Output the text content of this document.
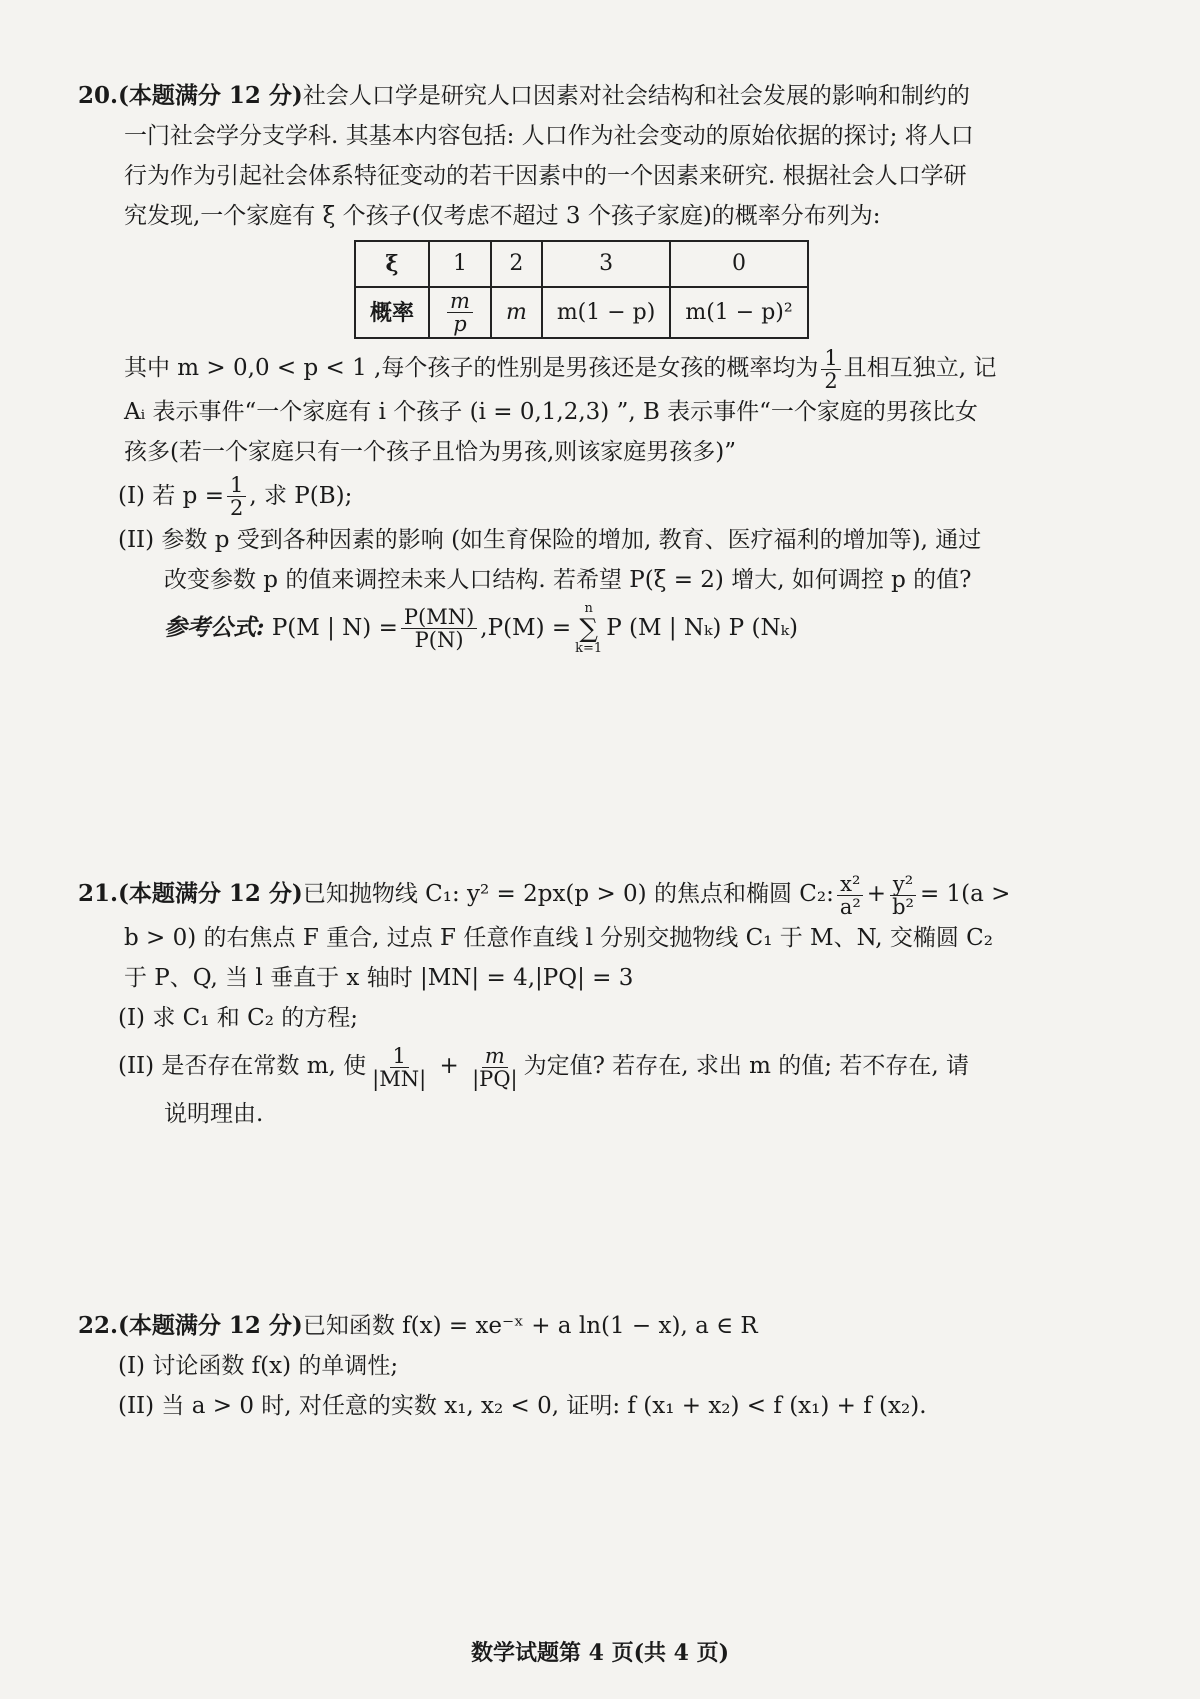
20.(本题满分 12 分)社会人口学是研究人口因素对社会结构和社会发展的影响和制约的
一门社会学分支学科. 其基本内容包括: 人口作为社会变动的原始依据的探讨; 将人口
行为作为引起社会体系特征变动的若干因素中的一个因素来研究. 根据社会人口学研
究发现,一个家庭有 ξ 个孩子(仅考虑不超过 3 个孩子家庭)的概率分布列为:
ξ	1	2	3	0
概率	$\frac{m}{p}$	m	m(1 − p)	m(1 − p)²
其中 m > 0,0 < p < 1 ,每个孩子的性别是男孩还是女孩的概率均为 $\frac{1}{2}$ 且相互独立, 记
Aᵢ 表示事件“一个家庭有 i 个孩子 (i = 0,1,2,3) ”, B 表示事件“一个家庭的男孩比女
孩多(若一个家庭只有一个孩子且恰为男孩,则该家庭男孩多)”
(I) 若 $p = \frac{1}{2}$ , 求 P(B);
(II) 参数 p 受到各种因素的影响 (如生育保险的增加, 教育、医疗福利的增加等), 通过
改变参数 p 的值来调控未来人口结构. 若希望 P(ξ = 2) 增大, 如何调控 p 的值?
参考公式: P(M | $N) = \frac{P(MN)}{P(N)} ,P(M)$ =
n
∑
k=1
P (M | Nₖ) P (Nₖ)
21.(本题满分 12 分)已知抛物线 C₁: y² = 2px(p > 0) 的焦点和椭圆 C₂: $\frac{\text{x²}}{\text{a²}} + \frac{\text{y²}}{\text{b²}} = 1(a$ >
b > 0) 的右焦点 F 重合, 过点 F 任意作直线 l 分别交抛物线 C₁ 于 M、N, 交椭圆 C₂
于 P、Q, 当 l 垂直于 x 轴时 |MN| = 4,|PQ| = 3
(I) 求 C₁ 和 C₂ 的方程;
(II) 是否存在常数 m, 使 $\frac{1}{|MN|} + \frac{m}{|PQ|}$ 为定值? 若存在, 求出 m 的值; 若不存在, 请
说明理由.
22.(本题满分 12 分)已知函数 f(x) = xe⁻ˣ + a ln(1 − x), a ∈ R
(I) 讨论函数 f(x) 的单调性;
(II) 当 a > 0 时, 对任意的实数 x₁, x₂ < 0, 证明: f (x₁ + x₂) < f (x₁) + f (x₂).
数学试题第 4 页(共 4 页)
